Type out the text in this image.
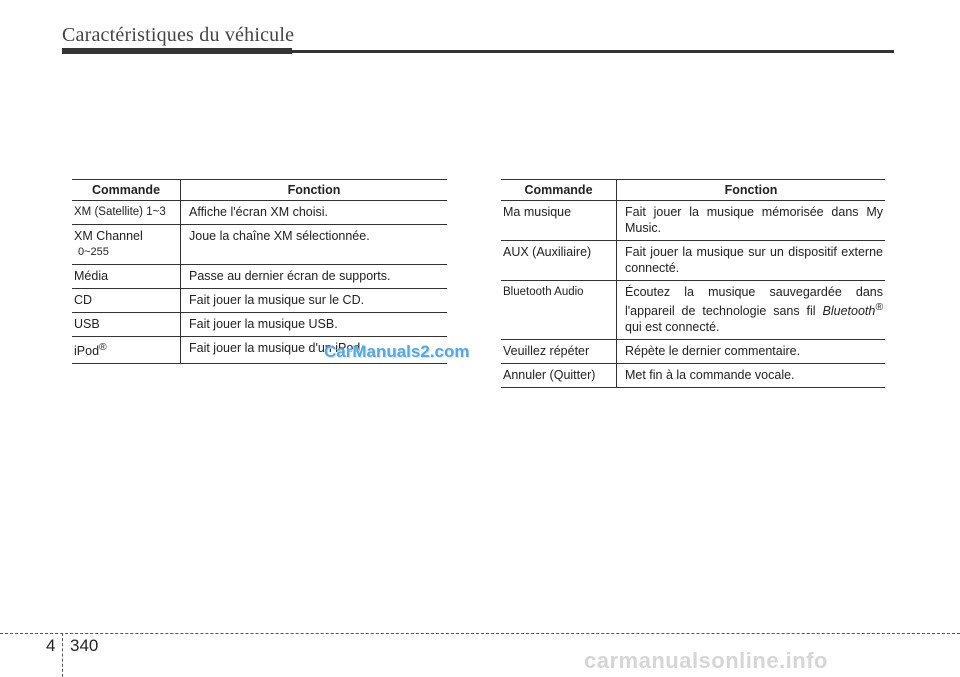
Caractéristiques du véhicule
Commande	Fonction
XM (Satellite) 1~3	Affiche l'écran XM choisi.
XM Channel
0~255	Joue la chaîne XM sélectionnée.
Média	Passe au dernier écran de supports.
CD	Fait jouer la musique sur le CD.
USB	Fait jouer la musique USB.
iPod®	Fait jouer la musique d'un iPod.
Commande	Fonction
Ma musique	Fait jouer la musique mémorisée dans My Music.
AUX (Auxiliaire)	Fait jouer la musique sur un dispositif externe connecté.
Bluetooth Audio	Écoutez la musique sauvegardée dans l'appareil de technologie sans fil Bluetooth® qui est connecté.
Veuillez répéter	Répète le dernier commentaire.
Annuler (Quitter)	Met fin à la commande vocale.
CarManuals2.com
4 340
carmanualsonline.info
